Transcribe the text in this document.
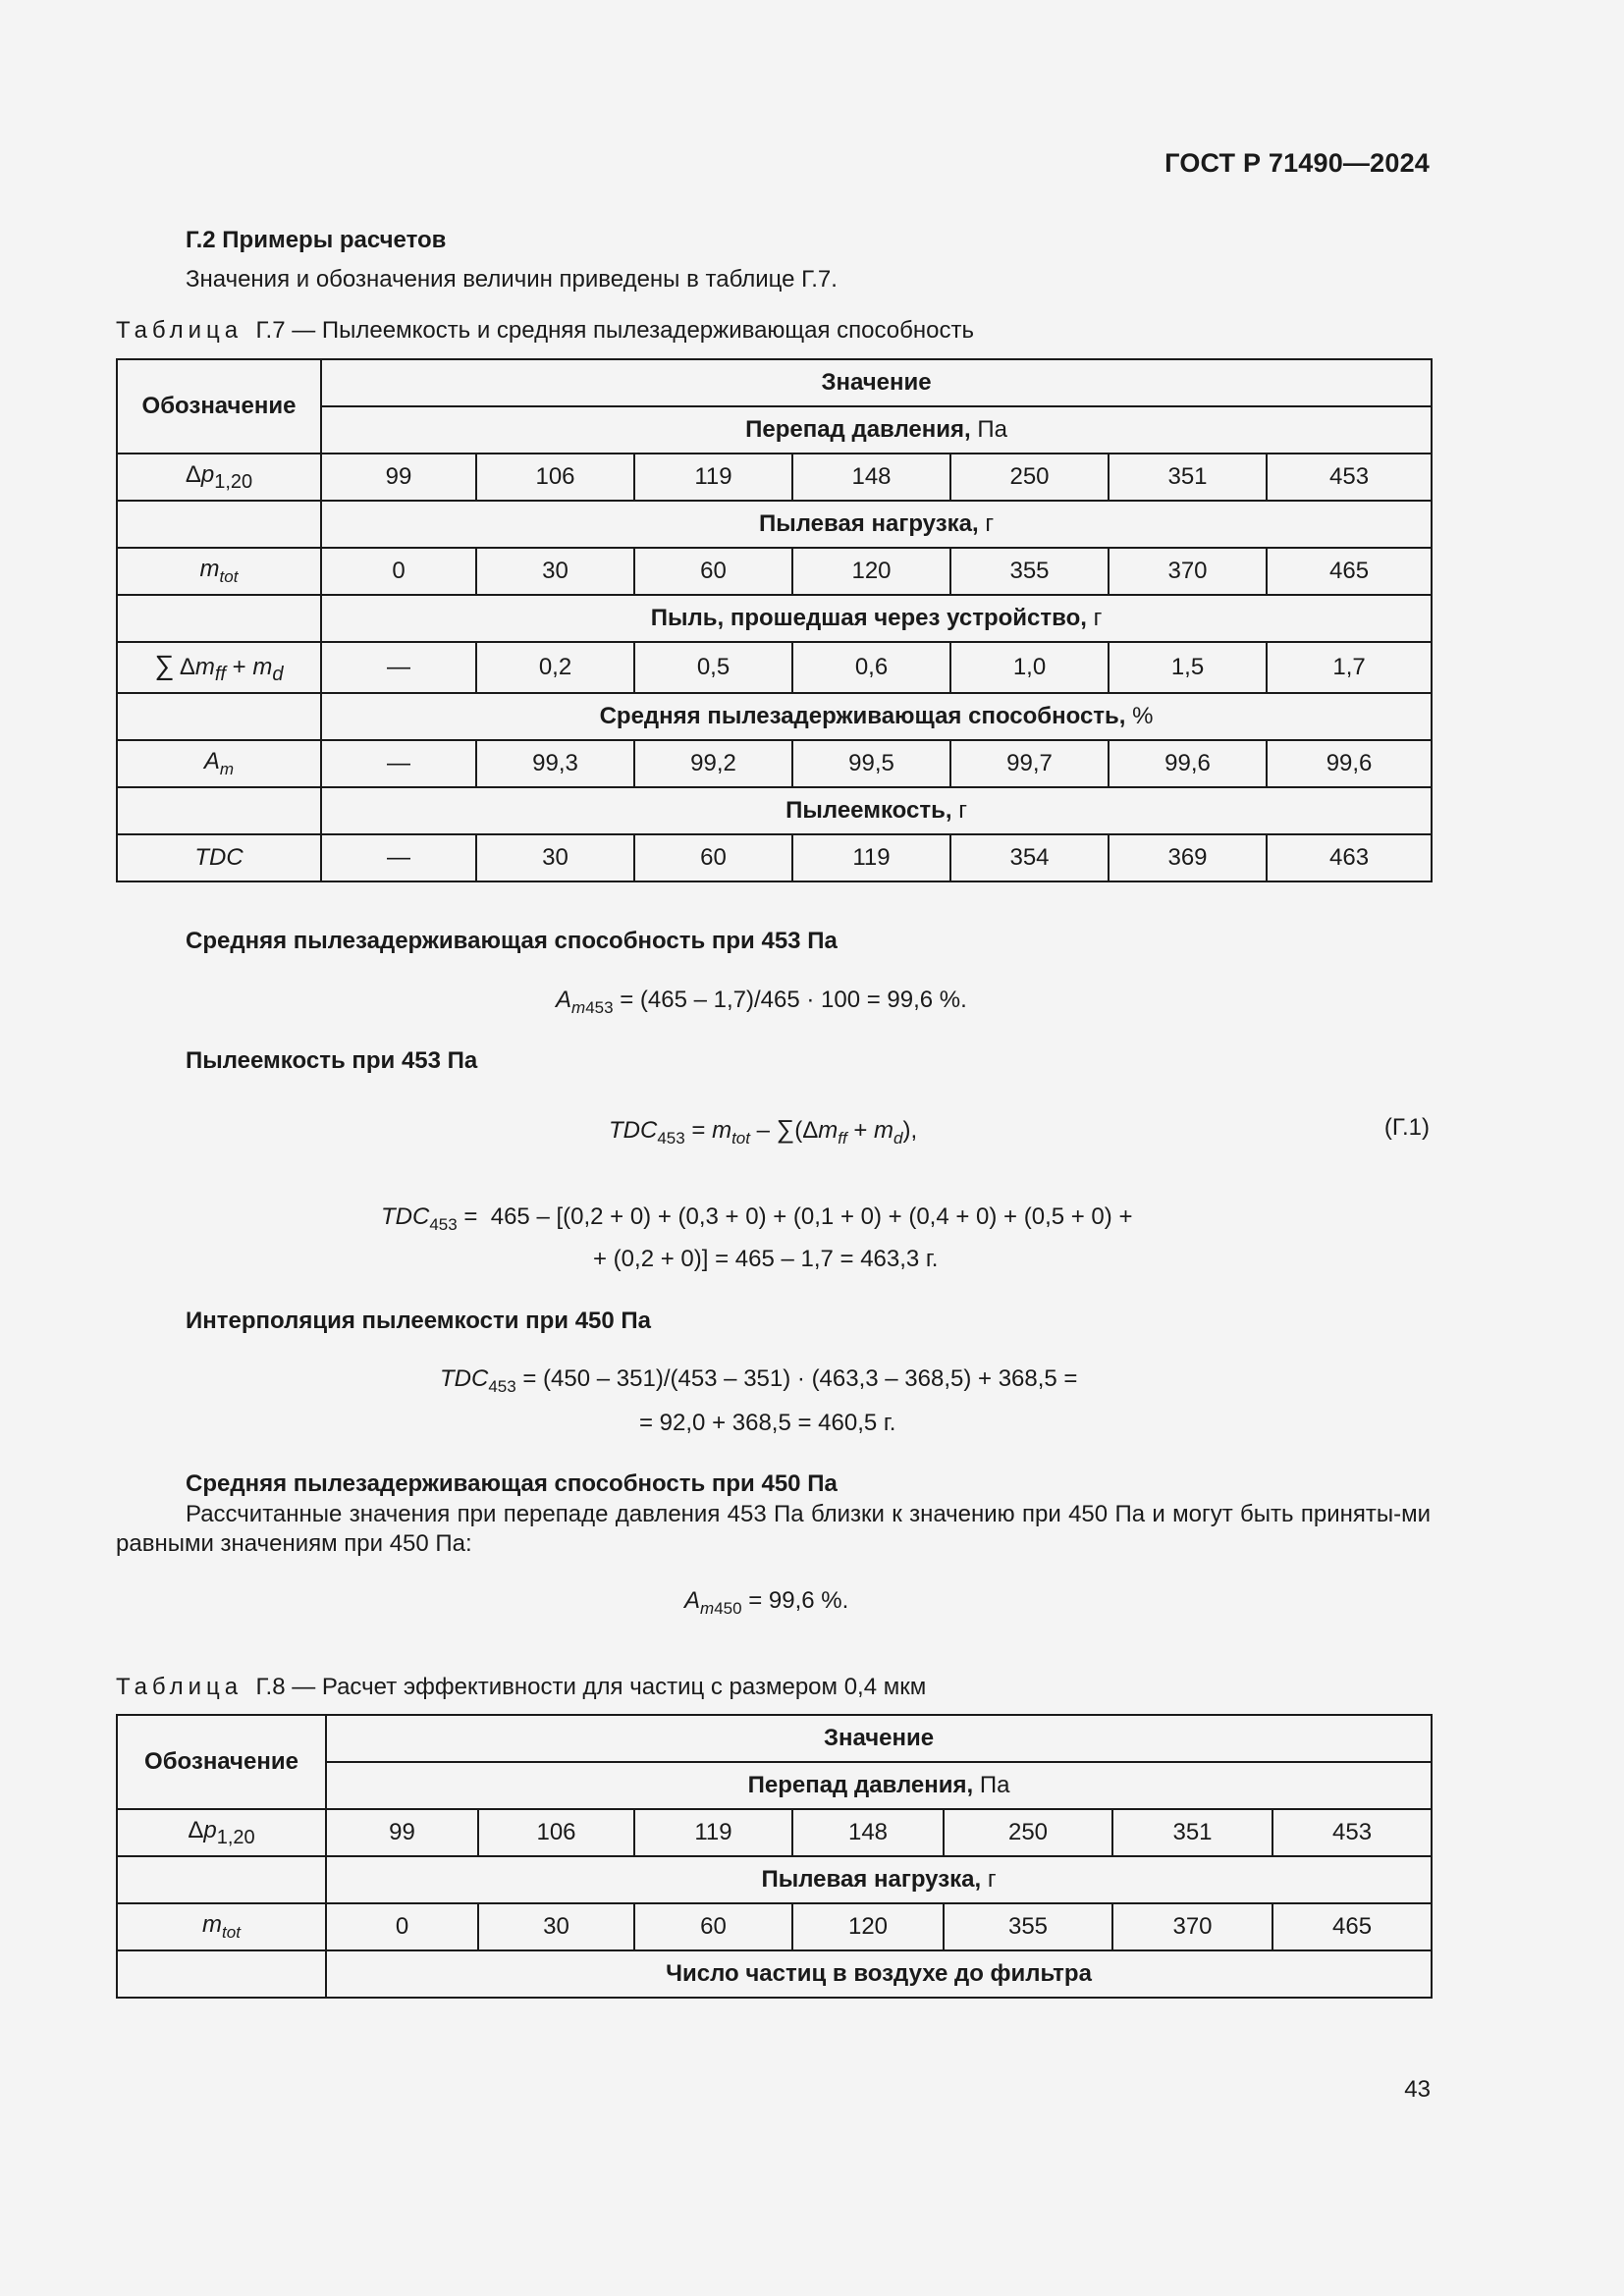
ГОСТ Р 71490—2024
Г.2 Примеры расчетов
Значения и обозначения величин приведены в таблице Г.7.
Таблица Г.7 — Пылеемкость и средняя пылезадерживающая способность
Обозначение	Значение						
	Перепад давления, Па						
$\Delta p_{1,20}$	99	106	119	148	250	351	453
	Пылевая нагрузка, г						
$m_{tot}$	0	30	60	120	355	370	465
	Пыль, прошедшая через устройство, г						
∑ $\Delta m_{ff} + m_d$	—	0,2	0,5	0,6	1,0	1,5	1,7
	Средняя пылезадерживающая способность, %						
$A_m$	—	99,3	99,2	99,5	99,7	99,6	99,6
	Пылеемкость, г						
TDC	—	30	60	119	354	369	463
Средняя пылезадерживающая способность при 453 Па
$A_{m453} = (465 - 1,7)/465 \cdot 100 = 99,6$ %.
Пылеемкость при 453 Па
$TDC_{453} = m_{tot} - \sum(\Delta m_{ff} + m_d)$,	(Г.1)
$TDC_{453} = 465 - [(0,2 + 0) + (0,3 + 0) + (0,1 + 0) + (0,4 + 0) + (0,5 + 0)$ +
+ (0,2 + 0)] = 465 – 1,7 = 463,3 г.
Интерполяция пылеемкости при 450 Па
$TDC_{453} = (450 - 351)/(453 - 351) \cdot (463,3 - 368,5) + 368,5$ =
= 92,0 + 368,5 = 460,5 г.
Средняя пылезадерживающая способность при 450 Па
Рассчитанные значения при перепаде давления 453 Па близки к значению при 450 Па и могут быть приняты-ми равными значениям при 450 Па:
$A_{m450} = 99,6$ %.
Таблица Г.8 — Расчет эффективности для частиц с размером 0,4 мкм
Обозначение	Значение						
	Перепад давления, Па						
$\Delta p_{1,20}$	99	106	119	148	250	351	453
	Пылевая нагрузка, г						
$m_{tot}$	0	30	60	120	355	370	465
	Число частиц в воздухе до фильтра						
43
